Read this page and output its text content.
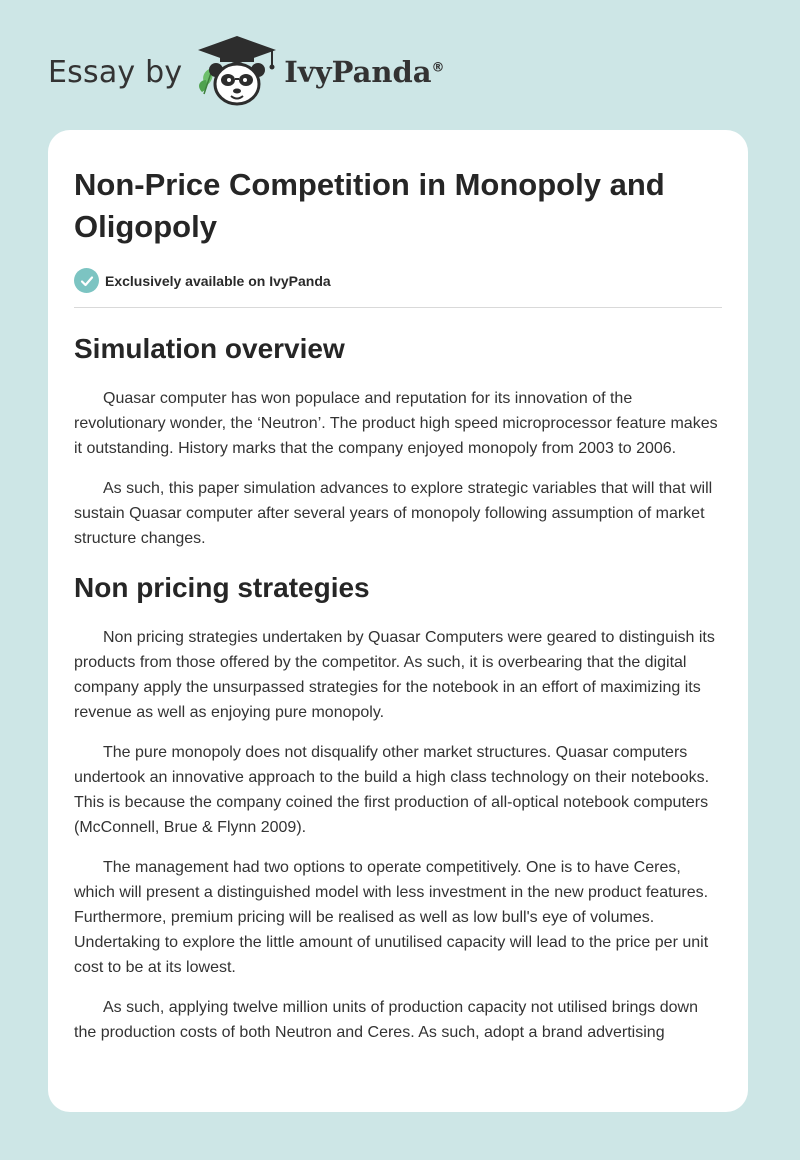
Essay by	IvyPanda®
Non-Price Competition in Monopoly and Oligopoly
Exclusively available on IvyPanda
Simulation overview

Quasar computer has won populace and reputation for its innovation of the revolutionary wonder, the ‘Neutron’. The product high speed microprocessor feature makes it outstanding. History marks that the company enjoyed monopoly from 2003 to 2006.

As such, this paper simulation advances to explore strategic variables that will that will sustain Quasar computer after several years of monopoly following assumption of market structure changes.

Non pricing strategies

Non pricing strategies undertaken by Quasar Computers were geared to distinguish its products from those offered by the competitor. As such, it is overbearing that the digital company apply the unsurpassed strategies for the notebook in an effort of maximizing its revenue as well as enjoying pure monopoly.

The pure monopoly does not disqualify other market structures. Quasar computers undertook an innovative approach to the build a high class technology on their notebooks. This is because the company coined the first production of all-optical notebook computers (McConnell, Brue & Flynn 2009).

The management had two options to operate competitively. One is to have Ceres, which will present a distinguished model with less investment in the new product features. Furthermore, premium pricing will be realised as well as low bull's eye of volumes. Undertaking to explore the little amount of unutilised capacity will lead to the price per unit cost to be at its lowest.

As such, applying twelve million units of production capacity not utilised brings down the production costs of both Neutron and Ceres. As such, adopt a brand advertising
